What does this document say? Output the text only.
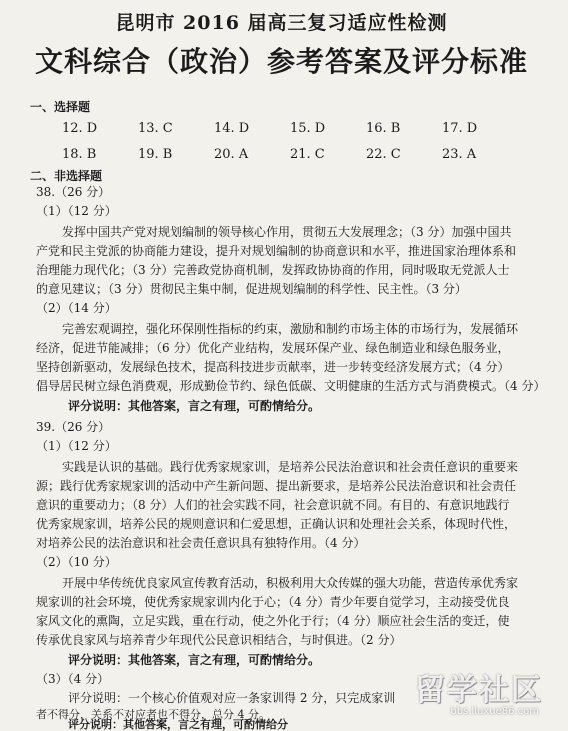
昆明市 2016 届高三复习适应性检测
文科综合（政治）参考答案及评分标准
一、选择题
12. D	13. C	14. D	15. D	16. B	17. D
18. B	19. B	20. A	21. C	22. C	23. A
二、非选择题
38.（26 分）
（1）（12 分）
发挥中国共产党对规划编制的领导核心作用，贯彻五大发展理念；（3 分）加强中国共
产党和民主党派的协商能力建设，提升对规划编制的协商意识和水平，推进国家治理体系和
治理能力现代化；（3 分）完善政党协商机制，发挥政协协商的作用，同时吸取无党派人士
的意见建议；（3 分）贯彻民主集中制，促进规划编制的科学性、民主性。（3 分）
（2）（14 分）
完善宏观调控，强化环保刚性指标的约束，激励和制约市场主体的市场行为，发展循环
经济，促进节能减排；（6 分）优化产业结构，发展环保产业、绿色制造业和绿色服务业，
坚持创新驱动，发展绿色技术，提高科技进步贡献率，进一步转变经济发展方式；（4 分）
倡导居民树立绿色消费观，形成勤俭节约、绿色低碳、文明健康的生活方式与消费模式。（4 分）
评分说明：其他答案，言之有理，可酌情给分。
39.（26 分）
（1）（12 分）
实践是认识的基础。践行优秀家规家训，是培养公民法治意识和社会责任意识的重要来
源；践行优秀家规家训的活动中产生新问题、提出新要求，是培养公民法治意识和社会责任
意识的重要动力；（8 分）人们的社会实践不同，社会意识就不同。有目的、有意识地践行
优秀家规家训，培养公民的规则意识和仁爱思想，正确认识和处理社会关系，体现时代性，
对培养公民的法治意识和社会责任意识具有独特作用。（4 分）
（2）（10 分）
开展中华传统优良家风宣传教育活动，积极利用大众传媒的强大功能，营造传承优秀家
规家训的社会环境，使优秀家规家训内化于心；（4 分）青少年要自觉学习，主动接受优良
家风文化的熏陶，立足实践，重在行动，使之外化于行；（4 分）顺应社会生活的变迁，使
传承优良家风与培养青少年现代公民意识相结合，与时俱进。（2 分）
评分说明：其他答案，言之有理，可酌情给分。
（3）（4 分）
评分说明：一个核心价值观对应一条家训得 2 分，只完成家训
者不得分，关系不对应者也不得分，总分 4 分。
评分说明：其他答案，言之有理，可酌情给分
留学社区
bbs.liuxue86.com
